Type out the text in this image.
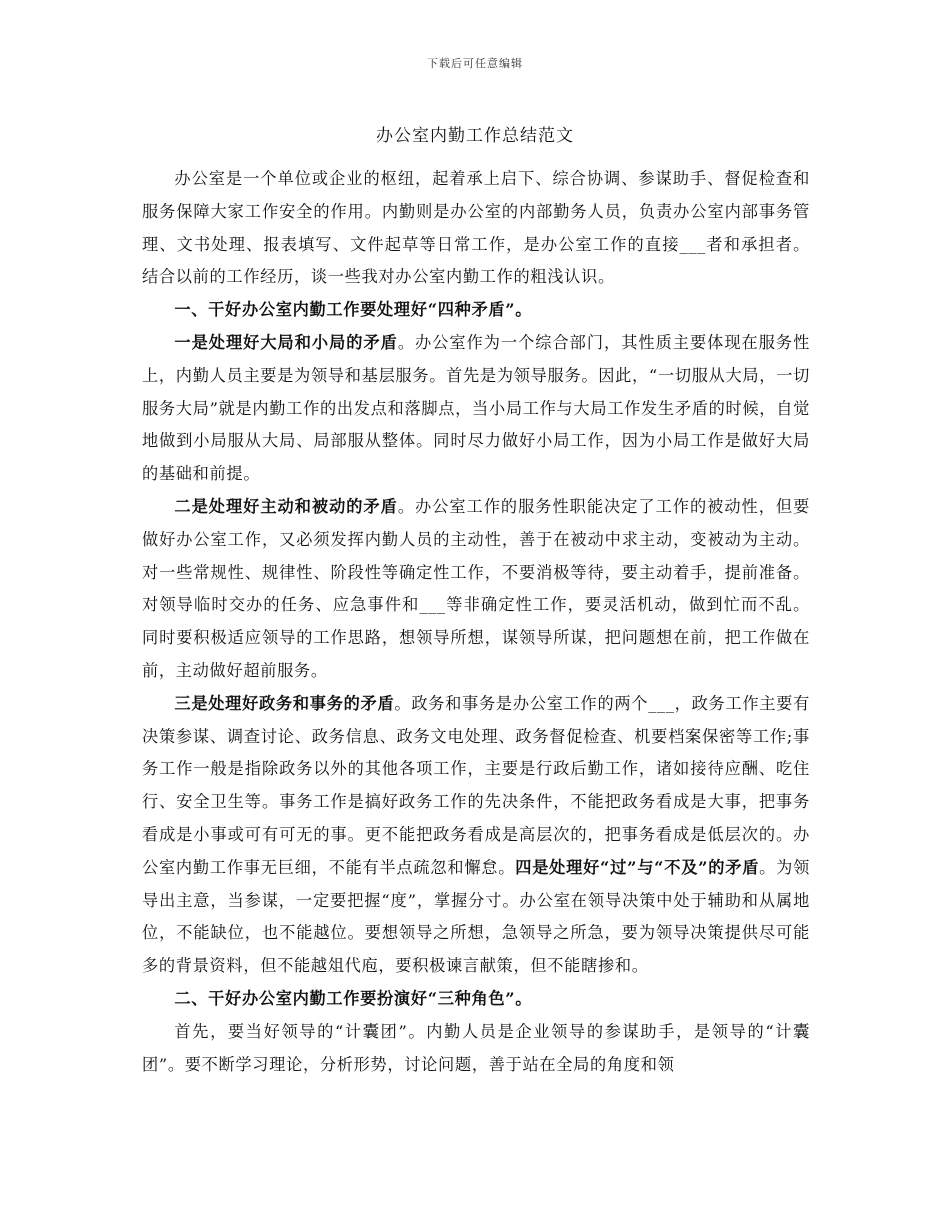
下载后可任意编辑
办公室内勤工作总结范文

办公室是一个单位或企业的枢纽，起着承上启下、综合协调、参谋助手、督促检查和服务保障大家工作安全的作用。内勤则是办公室的内部勤务人员，负责办公室内部事务管理、文书处理、报表填写、文件起草等日常工作，是办公室工作的直接___者和承担者。结合以前的工作经历，谈一些我对办公室内勤工作的粗浅认识。

一、干好办公室内勤工作要处理好“四种矛盾”。

一是处理好大局和小局的矛盾。办公室作为一个综合部门，其性质主要体现在服务性上，内勤人员主要是为领导和基层服务。首先是为领导服务。因此，“一切服从大局，一切服务大局”就是内勤工作的出发点和落脚点，当小局工作与大局工作发生矛盾的时候，自觉地做到小局服从大局、局部服从整体。同时尽力做好小局工作，因为小局工作是做好大局的基础和前提。

二是处理好主动和被动的矛盾。办公室工作的服务性职能决定了工作的被动性，但要做好办公室工作，又必须发挥内勤人员的主动性，善于在被动中求主动，变被动为主动。对一些常规性、规律性、阶段性等确定性工作，不要消极等待，要主动着手，提前准备。对领导临时交办的任务、应急事件和___等非确定性工作，要灵活机动，做到忙而不乱。同时要积极适应领导的工作思路，想领导所想，谋领导所谋，把问题想在前，把工作做在前，主动做好超前服务。

三是处理好政务和事务的矛盾。政务和事务是办公室工作的两个___，政务工作主要有决策参谋、调查讨论、政务信息、政务文电处理、政务督促检查、机要档案保密等工作;事务工作一般是指除政务以外的其他各项工作，主要是行政后勤工作，诸如接待应酬、吃住行、安全卫生等。事务工作是搞好政务工作的先决条件，不能把政务看成是大事，把事务看成是小事或可有可无的事。更不能把政务看成是高层次的，把事务看成是低层次的。办公室内勤工作事无巨细，不能有半点疏忽和懈怠。四是处理好“过”与“不及”的矛盾。为领导出主意，当参谋，一定要把握“度”，掌握分寸。办公室在领导决策中处于辅助和从属地位，不能缺位，也不能越位。要想领导之所想，急领导之所急，要为领导决策提供尽可能多的背景资料，但不能越俎代庖，要积极谏言献策，但不能瞎掺和。

二、干好办公室内勤工作要扮演好“三种角色”。

首先，要当好领导的“计囊团”。内勤人员是企业领导的参谋助手，是领导的“计囊团”。要不断学习理论，分析形势，讨论问题，善于站在全局的角度和领
